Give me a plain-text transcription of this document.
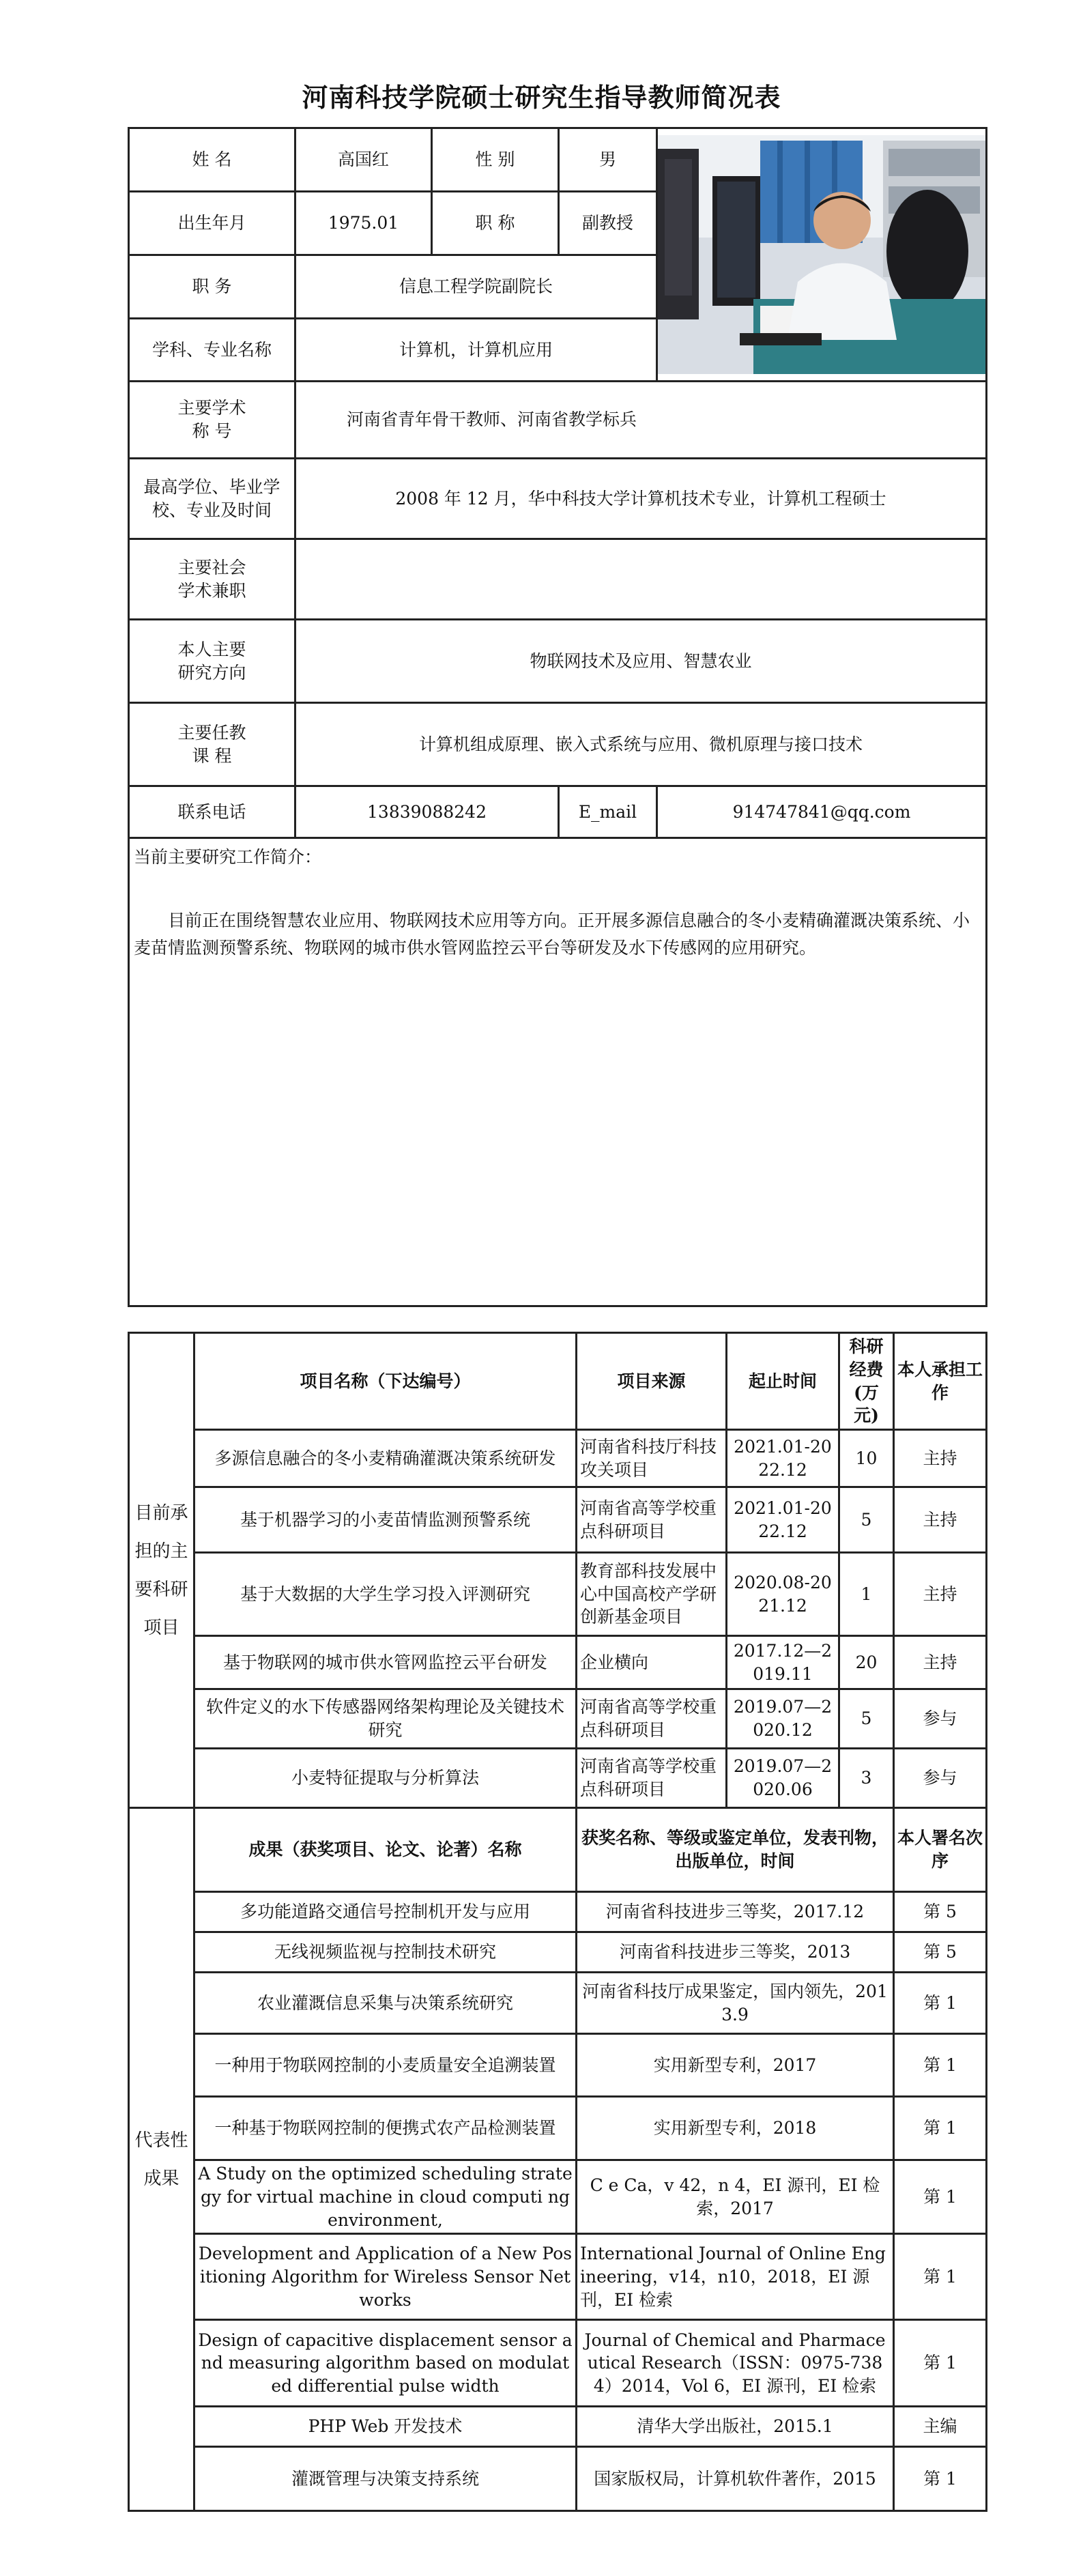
河南科技学院硕士研究生指导教师简况表
姓 名	高国红	性 别	男	

出生年月	1975.01	职 称	副教授	
职 务	信息工程学院副院长			
学科、专业名称	计算机，计算机应用			
主要学术
称 号	河南省青年骨干教师、河南省教学标兵			
最高学位、毕业学
校、专业及时间	2008 年 12 月，华中科技大学计算机技术专业，计算机工程硕士			
主要社会
学术兼职				
本人主要
研究方向	物联网技术及应用、智慧农业			
主要任教
课 程	计算机组成原理、嵌入式系统与应用、微机原理与接口技术			
联系电话	13839088242		E_mail	914747841@qq.com

当前主要研究工作简介：
目前正在围绕智慧农业应用、物联网技术应用等方向。正开展多源信息融合的冬小麦精确灌溉决策系统、小麦苗情监测预警系统、物联网的城市供水管网监控云平台等研发及水下传感网的应用研究。				
目前承担的主要科研项目	项目名称（下达编号）	项目来源	起止时间	科研经费(万元)	本人承担工作
	多源信息融合的冬小麦精确灌溉决策系统研发	河南省科技厅科技攻关项目	2021.01-2022.12	10	主持
	基于机器学习的小麦苗情监测预警系统	河南省高等学校重点科研项目	2021.01-2022.12	5	主持
	基于大数据的大学生学习投入评测研究	教育部科技发展中心中国高校产学研创新基金项目	2020.08-2021.12	1	主持
	基于物联网的城市供水管网监控云平台研发	企业横向	2017.12—2019.11	20	主持
	软件定义的水下传感器网络架构理论及关键技术研究	河南省高等学校重点科研项目	2019.07—2020.12	5	参与
	小麦特征提取与分析算法	河南省高等学校重点科研项目	2019.07—2020.06	3	参与
代表性成果	成果（获奖项目、论文、论著）名称	获奖名称、等级或鉴定单位，发表刊物，出版单位，时间			本人署名次序
	多功能道路交通信号控制机开发与应用	河南省科技进步三等奖，2017.12			第 5
	无线视频监视与控制技术研究	河南省科技进步三等奖，2013			第 5
	农业灌溉信息采集与决策系统研究	河南省科技厅成果鉴定，国内领先，2013.9			第 1
	一种用于物联网控制的小麦质量安全追溯装置	实用新型专利，2017			第 1
	一种基于物联网控制的便携式农产品检测装置	实用新型专利，2018			第 1
	A Study on the optimized scheduling strategy for virtual machine in cloud computi ng environment,	C e Ca，v 42，n 4，EI 源刊，EI 检索，2017			第 1
	Development and Application of a New Positioning Algorithm for Wireless Sensor Networks	International Journal of Online Engineering，v14，n10，2018，EI 源刊，EI 检索			第 1
	Design of capacitive displacement sensor and measuring algorithm based on modulated differential pulse width	Journal of Chemical and Pharmaceutical Research（ISSN：0975-7384）2014，Vol 6，EI 源刊，EI 检索			第 1
	PHP Web 开发技术	清华大学出版社，2015.1			主编
	灌溉管理与决策支持系统	国家版权局，计算机软件著作，2015			第 1
